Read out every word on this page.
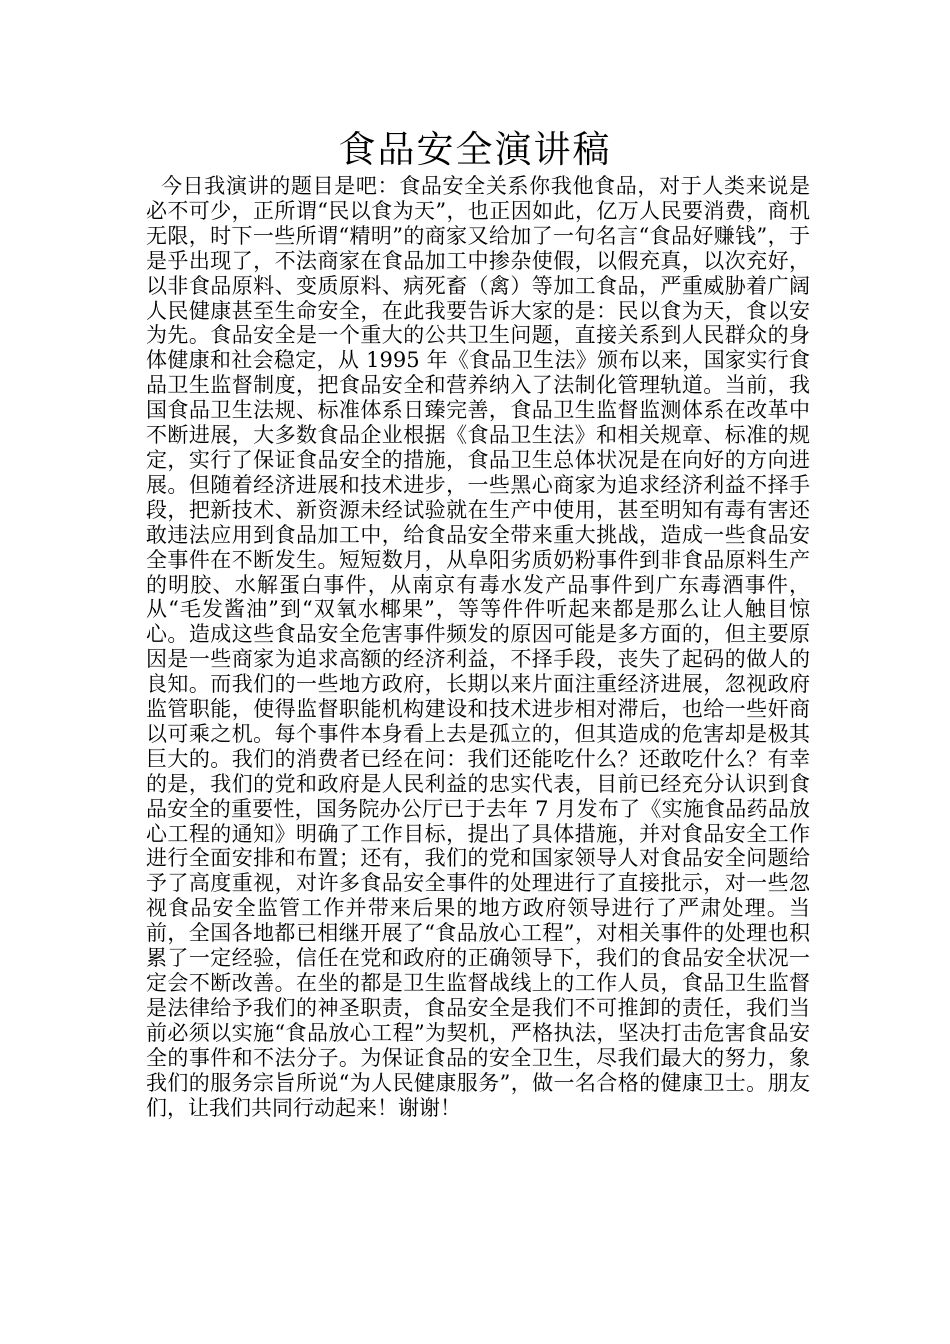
食品安全演讲稿

今日我演讲的题目是吧：食品安全关系你我他食品，对于人类来说是必不可少，正所谓“民以食为天”，也正因如此，亿万人民要消费，商机无限，时下一些所谓“精明”的商家又给加了一句名言“食品好赚钱”，于是乎出现了，不法商家在食品加工中掺杂使假，以假充真，以次充好，以非食品原料、变质原料、病死畜（禽）等加工食品，严重威胁着广阔人民健康甚至生命安全，在此我要告诉大家的是：民以食为天，食以安为先。食品安全是一个重大的公共卫生问题，直接关系到人民群众的身体健康和社会稳定，从 1995 年《食品卫生法》颁布以来，国家实行食品卫生监督制度，把食品安全和营养纳入了法制化管理轨道。当前，我国食品卫生法规、标准体系日臻完善，食品卫生监督监测体系在改革中不断进展，大多数食品企业根据《食品卫生法》和相关规章、标准的规定，实行了保证食品安全的措施，食品卫生总体状况是在向好的方向进展。但随着经济进展和技术进步，一些黑心商家为追求经济利益不择手段，把新技术、新资源未经试验就在生产中使用，甚至明知有毒有害还敢违法应用到食品加工中，给食品安全带来重大挑战，造成一些食品安全事件在不断发生。短短数月，从阜阳劣质奶粉事件到非食品原料生产的明胶、水解蛋白事件，从南京有毒水发产品事件到广东毒酒事件，从“毛发酱油”到“双氧水椰果”，等等件件听起来都是那么让人触目惊心。造成这些食品安全危害事件频发的原因可能是多方面的，但主要原因是一些商家为追求高额的经济利益，不择手段，丧失了起码的做人的良知。而我们的一些地方政府，长期以来片面注重经济进展，忽视政府监管职能，使得监督职能机构建设和技术进步相对滞后，也给一些奸商以可乘之机。每个事件本身看上去是孤立的，但其造成的危害却是极其巨大的。我们的消费者已经在问：我们还能吃什么？还敢吃什么？有幸的是，我们的党和政府是人民利益的忠实代表，目前已经充分认识到食品安全的重要性，国务院办公厅已于去年 7 月发布了《实施食品药品放心工程的通知》明确了工作目标，提出了具体措施，并对食品安全工作进行全面安排和布置；还有，我们的党和国家领导人对食品安全问题给予了高度重视，对许多食品安全事件的处理进行了直接批示，对一些忽视食品安全监管工作并带来后果的地方政府领导进行了严肃处理。当前，全国各地都已相继开展了“食品放心工程”，对相关事件的处理也积累了一定经验，信任在党和政府的正确领导下，我们的食品安全状况一定会不断改善。在坐的都是卫生监督战线上的工作人员，食品卫生监督是法律给予我们的神圣职责，食品安全是我们不可推卸的责任，我们当前必须以实施“食品放心工程”为契机，严格执法，坚决打击危害食品安全的事件和不法分子。为保证食品的安全卫生，尽我们最大的努力，象我们的服务宗旨所说“为人民健康服务”，做一名合格的健康卫士。朋友们，让我们共同行动起来！谢谢！
